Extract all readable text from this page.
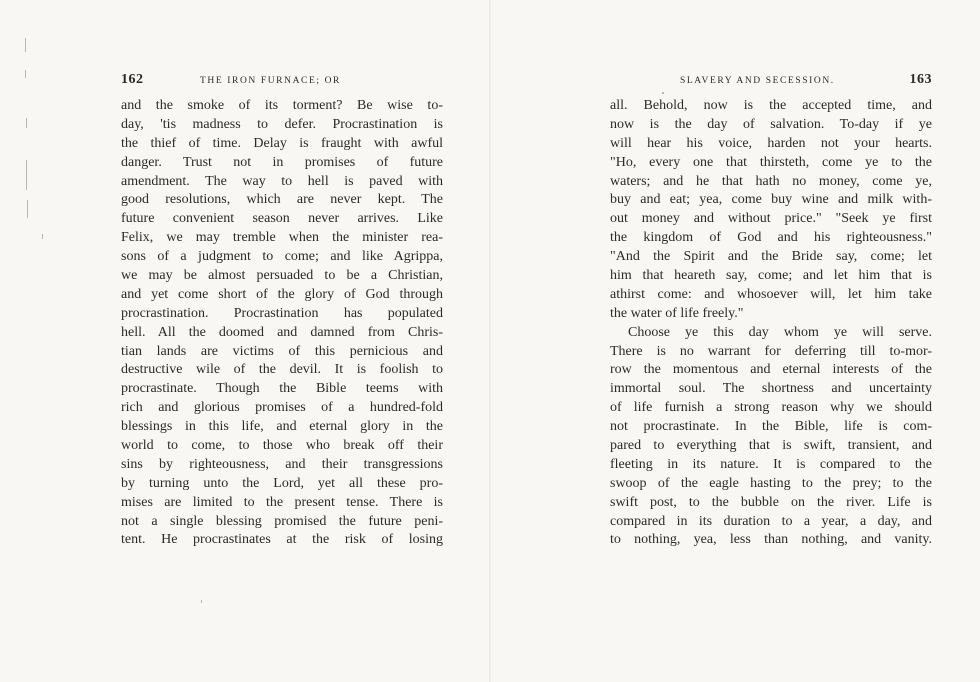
162	THE IRON FURNACE; OR
and the smoke of its torment? Be wise to-
day, 'tis madness to defer. Procrastination is
the thief of time. Delay is fraught with awful
danger. Trust not in promises of future
amendment. The way to hell is paved with
good resolutions, which are never kept. The
future convenient season never arrives. Like
Felix, we may tremble when the minister rea-
sons of a judgment to come; and like Agrippa,
we may be almost persuaded to be a Christian,
and yet come short of the glory of God through
procrastination. Procrastination has populated
hell. All the doomed and damned from Chris-
tian lands are victims of this pernicious and
destructive wile of the devil. It is foolish to
procrastinate. Though the Bible teems with
rich and glorious promises of a hundred-fold
blessings in this life, and eternal glory in the
world to come, to those who break off their
sins by righteousness, and their transgressions
by turning unto the Lord, yet all these pro-
mises are limited to the present tense. There is
not a single blessing promised the future peni-
tent. He procrastinates at the risk of losing
SLAVERY AND SECESSION.	163
all. Behold, now is the accepted time, and
now is the day of salvation. To-day if ye
will hear his voice, harden not your hearts.
"Ho, every one that thirsteth, come ye to the
waters; and he that hath no money, come ye,
buy and eat; yea, come buy wine and milk with-
out money and without price." "Seek ye first
the kingdom of God and his righteousness."
"And the Spirit and the Bride say, come; let
him that heareth say, come; and let him that is
athirst come: and whosoever will, let him take
the water of life freely."
Choose ye this day whom ye will serve.
There is no warrant for deferring till to-mor-
row the momentous and eternal interests of the
immortal soul. The shortness and uncertainty
of life furnish a strong reason why we should
not procrastinate. In the Bible, life is com-
pared to everything that is swift, transient, and
fleeting in its nature. It is compared to the
swoop of the eagle hasting to the prey; to the
swift post, to the bubble on the river. Life is
compared in its duration to a year, a day, and
to nothing, yea, less than nothing, and vanity.
